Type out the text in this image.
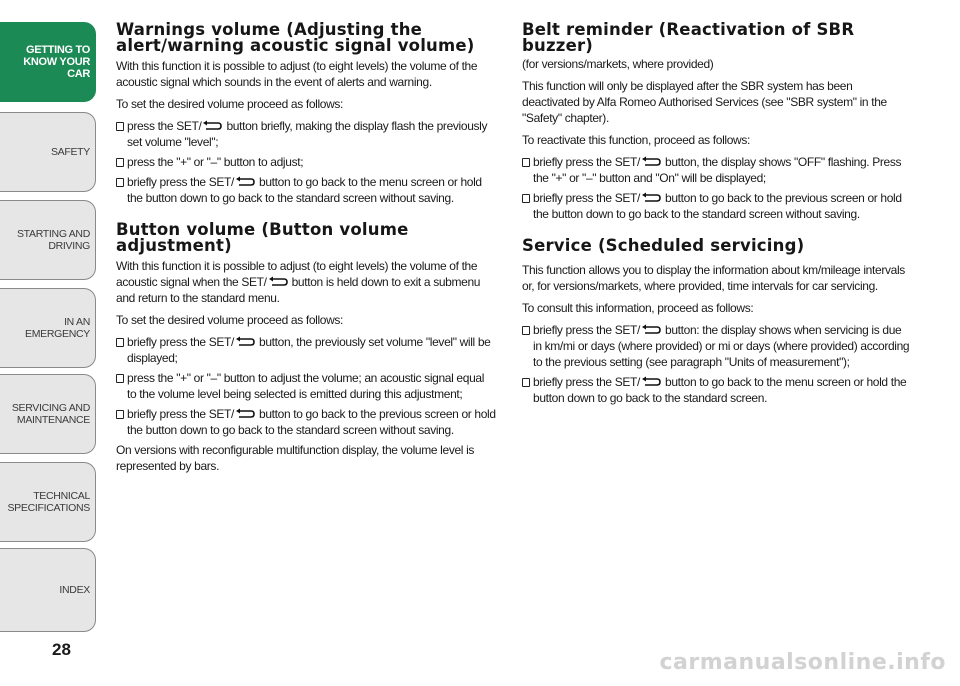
GETTING TO
KNOW YOUR CAR
SAFETY
STARTING AND
DRIVING
IN AN EMERGENCY
SERVICING AND
MAINTENANCE
TECHNICAL
SPECIFICATIONS
INDEX
28
Warnings volume (Adjusting the alert/warning acoustic signal volume)

With this function it is possible to adjust (to eight levels) the volume of the acoustic signal which sounds in the event of alerts and warning.

To set the desired volume proceed as follows:

press the SET/ button briefly, making the display flash the previously set volume "level";
press the "+" or "–" button to adjust;
briefly press the SET/ button to go back to the menu screen or hold the button down to go back to the standard screen without saving.
Button volume (Button volume adjustment)

With this function it is possible to adjust (to eight levels) the volume of the acoustic signal when the SET/ button is held down to exit a submenu and return to the standard menu.

To set the desired volume proceed as follows:

briefly press the SET/ button, the previously set volume "level" will be displayed;
press the "+" or "–" button to adjust the volume; an acoustic signal equal to the volume level being selected is emitted during this adjustment;
briefly press the SET/ button to go back to the previous screen or hold the button down to go back to the standard screen without saving.

On versions with reconfigurable multifunction display, the volume level is represented by bars.

Belt reminder (Reactivation of SBR buzzer)

(for versions/markets, where provided)

This function will only be displayed after the SBR system has been deactivated by Alfa Romeo Authorised Services (see "SBR system" in the "Safety" chapter).

To reactivate this function, proceed as follows:

briefly press the SET/ button, the display shows "OFF" flashing. Press the "+" or "–" button and "On" will be displayed;
briefly press the SET/ button to go back to the previous screen or hold the button down to go back to the standard screen without saving.
Service (Scheduled servicing)

This function allows you to display the information about km/mileage intervals or, for versions/markets, where provided, time intervals for car servicing.

To consult this information, proceed as follows:

briefly press the SET/ button: the display shows when servicing is due in km/mi or days (where provided) or mi or days (where provided) according to the previous setting (see paragraph "Units of measurement");
briefly press the SET/ button to go back to the menu screen or hold the button down to go back to the standard screen.
carmanualsonline.info
